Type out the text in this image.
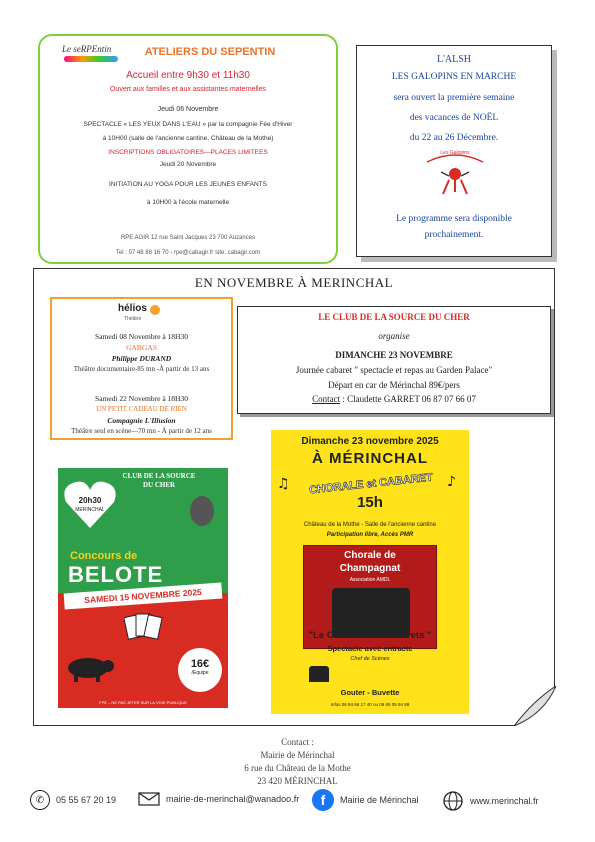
Le seRPEntin	ATELIERS DU SEPENTIN
Accueil entre 9h30 et 11h30
Ouvert aux familles et aux assistantes maternelles
Jeudi 06 Novembre
SPECTACLE « LES YEUX DANS L'EAU » par la compagnie Fée d'Hiver
à 10H00 (salle de l'ancienne cantine, Château de la Mothe)
INSCRIPTIONS OBLIGATOIRES—PLACES LIMITEES
Jeudi 20 Novembre
INITIATION AU YOGA POUR LES JEUNES ENFANTS
à 10H00 à l'école maternelle
RPE AGIR 12 rue Saint Jacques 23 700 Auzances
Tel : 07 48 88 16 70 - rpe@cabagir.fr site: cabagir.com
L'ALSH
LES GALOPINS EN MARCHE
sera ouvert la première semaine
des vacances de NOËL
du 22 au 26 Décembre.
Les Galopins
Le programme sera disponible
prochainement.
EN NOVEMBRE À MERINCHAL
hélios
Théâtre
Samedi 08 Novembre à 18H30
GARGAS
Philippe DURAND
Théâtre documentaire-85 mn -À partir de 13 ans
Samedi 22 Novembre à 18H30
UN PETIT CADEAU DE RIEN
Compagnie L'Illusion
Théâtre seul en scène—70 mn - À partir de 12 ans
LE CLUB DE LA SOURCE DU CHER
organise
DIMANCHE 23 NOVEMBRE
Journée cabaret " spectacle et repas au Garden Palace"
Départ en car de Mérinchal 89€/pers
Contact : Claudette GARRET 06 87 07 66 07
20h30
MERINCHAL
CLUB DE LA SOURCE DU CHER
Concours de
BELOTE
SAMEDI 15 NOVEMBRE 2025
16€
/Equipe
FPE – NE PAS JETER SUR LA VOIE PUBLIQUE
Dimanche 23 novembre 2025
À MÉRINCHAL
CHORALE et CABARET
♫	♪
15h
Château de la Mothe - Salle de l'ancienne cantine
Participation libre, Accès PMR
Chorale de
Champagnat
Association AMDL
"Le Cabaret des Cabarets "
Spectacle avec entracte
Chef de Scènes
Gouter - Buvette
Infos 06 84 68 17 40 ou 06 65 05 94 88
Contact :
Mairie de Mérinchal
6 rue du Château de la Mothe
23 420 MÉRINCHAL
✆	05 55 67 20 19	mairie-de-merinchal@wanadoo.fr	f	Mairie de Mérinchal	www.merinchal.fr
